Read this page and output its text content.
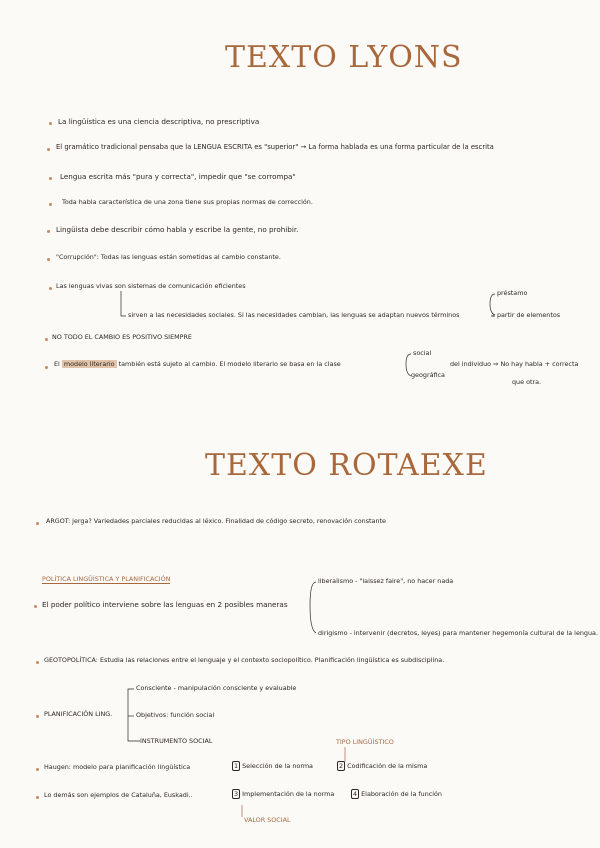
TEXTO LYONS
La lingüística es una ciencia descriptiva, no prescriptiva
El gramático tradicional pensaba que la LENGUA ESCRITA es "superior" → La forma hablada es una forma particular de la escrita
Lengua escrita más "pura y correcta", impedir que "se corrompa"
Toda habla característica de una zona tiene sus propias normas de corrección.
Lingüista debe describir cómo habla y escribe la gente, no prohibir.
"Corrupción": Todas las lenguas están sometidas al cambio constante.
Las lenguas vivas son sistemas de comunicación eficientes
sirven a las necesidades sociales. Si las necesidades cambian, las lenguas se adaptan nuevos términos
préstamo
a partir de elementos
NO TODO EL CAMBIO ES POSITIVO SIEMPRE
El modelo literario también está sujeto al cambio. El modelo literario se basa en la clase
social
geográfica
del individuo ⇒ No hay habla + correcta
que otra.
TEXTO ROTAEXE
ARGOT: jerga? Variedades parciales reducidas al léxico. Finalidad de código secreto, renovación constante
POLÍTICA LINGÜÍSTICA Y PLANIFICACIÓN	liberalismo - "laissez faire", no hacer nada
El poder político interviene sobre las lenguas en 2 posibles maneras
dirigismo - intervenir (decretos, leyes) para mantener hegemonía cultural de la lengua.
GEOTOPOLÍTICA: Estudia las relaciones entre el lenguaje y el contexto sociopolítico. Planificación lingüística es subdisciplina.
Consciente - manipulación consciente y evaluable
PLANIFICACIÓN LING.	Objetivos: función social
INSTRUMENTO SOCIAL	TIPO LINGÜÍSTICO
Haugen: modelo para planificación lingüística	1 Selección de la norma	2 Codificación de la misma
Lo demás son ejemplos de Cataluña, Euskadi..	3 Implementación de la norma	4 Elaboración de la función
VALOR SOCIAL
